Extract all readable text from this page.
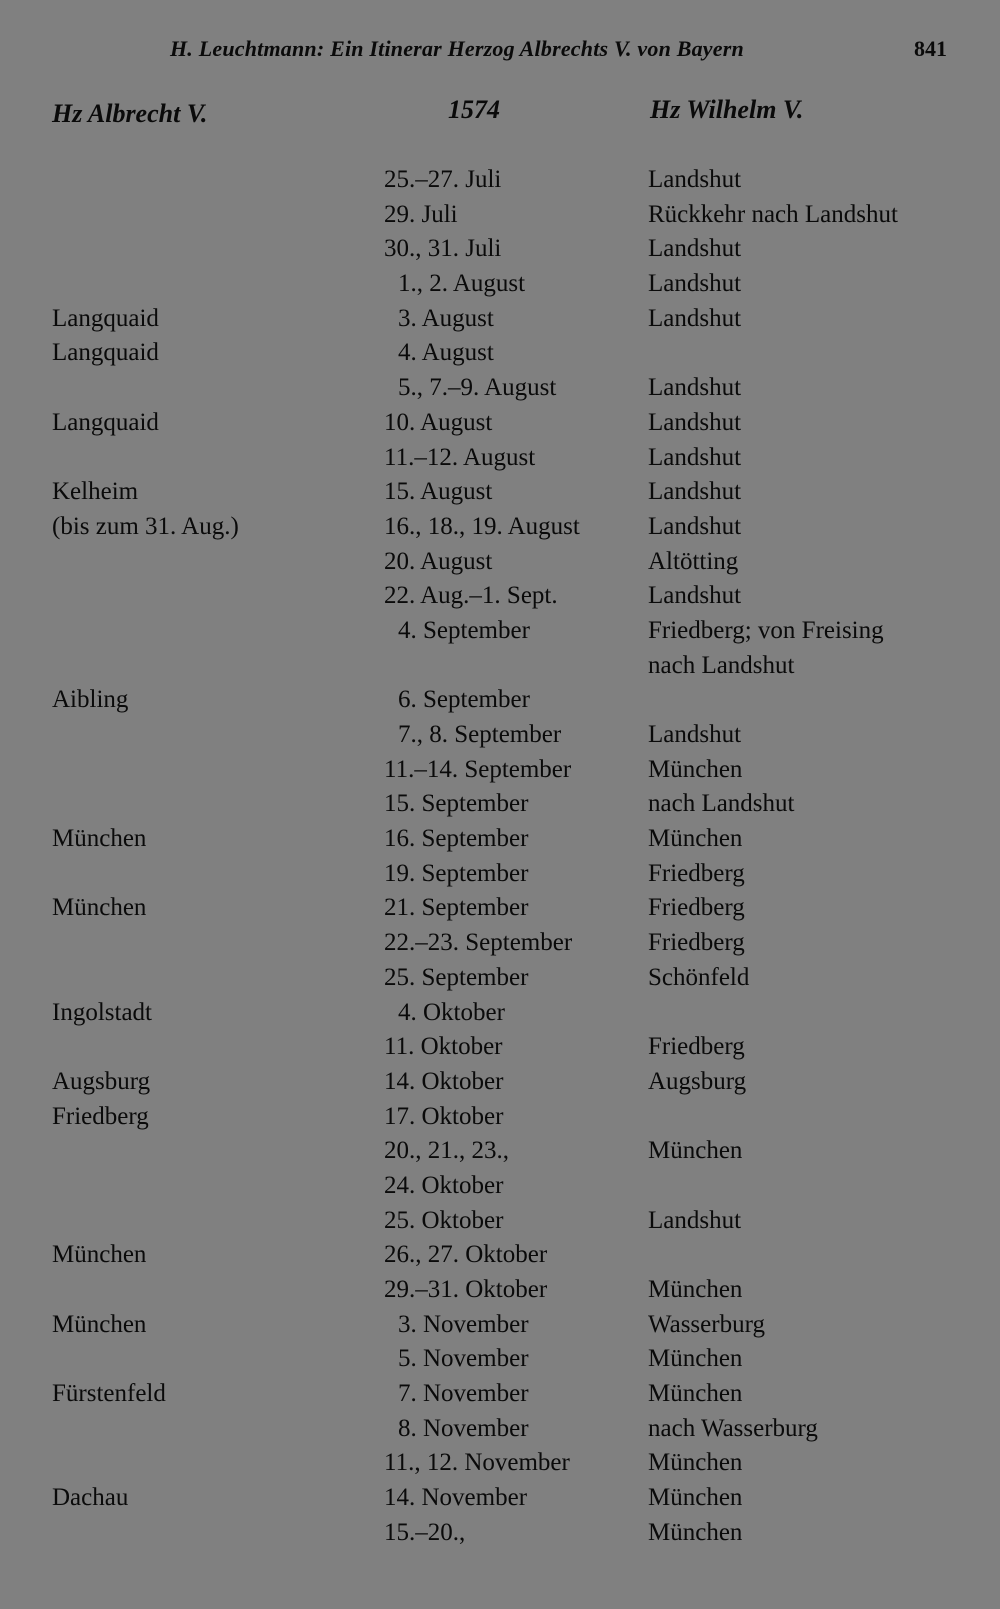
H. Leuchtmann: Ein Itinerar Herzog Albrechts V. von Bayern	841
Hz Albrecht V.	1574	Hz Wilhelm V.
25.–27. Juli	Landshut
29. Juli	Rückkehr nach Landshut
30., 31. Juli	Landshut
1., 2. August	Landshut
Langquaid	3. August	Landshut
Langquaid	4. August
5., 7.–9. August	Landshut
Langquaid	10. August	Landshut
11.–12. August	Landshut
Kelheim	15. August	Landshut
(bis zum 31. Aug.)	16., 18., 19. August	Landshut
20. August	Altötting
22. Aug.–1. Sept.	Landshut
4. September	Friedberg; von Freising
nach Landshut
Aibling	6. September
7., 8. September	Landshut
11.–14. September	München
15. September	nach Landshut
München	16. September	München
19. September	Friedberg
München	21. September	Friedberg
22.–23. September	Friedberg
25. September	Schönfeld
Ingolstadt	4. Oktober
11. Oktober	Friedberg
Augsburg	14. Oktober	Augsburg
Friedberg	17. Oktober
20., 21., 23.,	München
24. Oktober
25. Oktober	Landshut
München	26., 27. Oktober
29.–31. Oktober	München
München	3. November	Wasserburg
5. November	München
Fürstenfeld	7. November	München
8. November	nach Wasserburg
11., 12. November	München
Dachau	14. November	München
15.–20.,	München
